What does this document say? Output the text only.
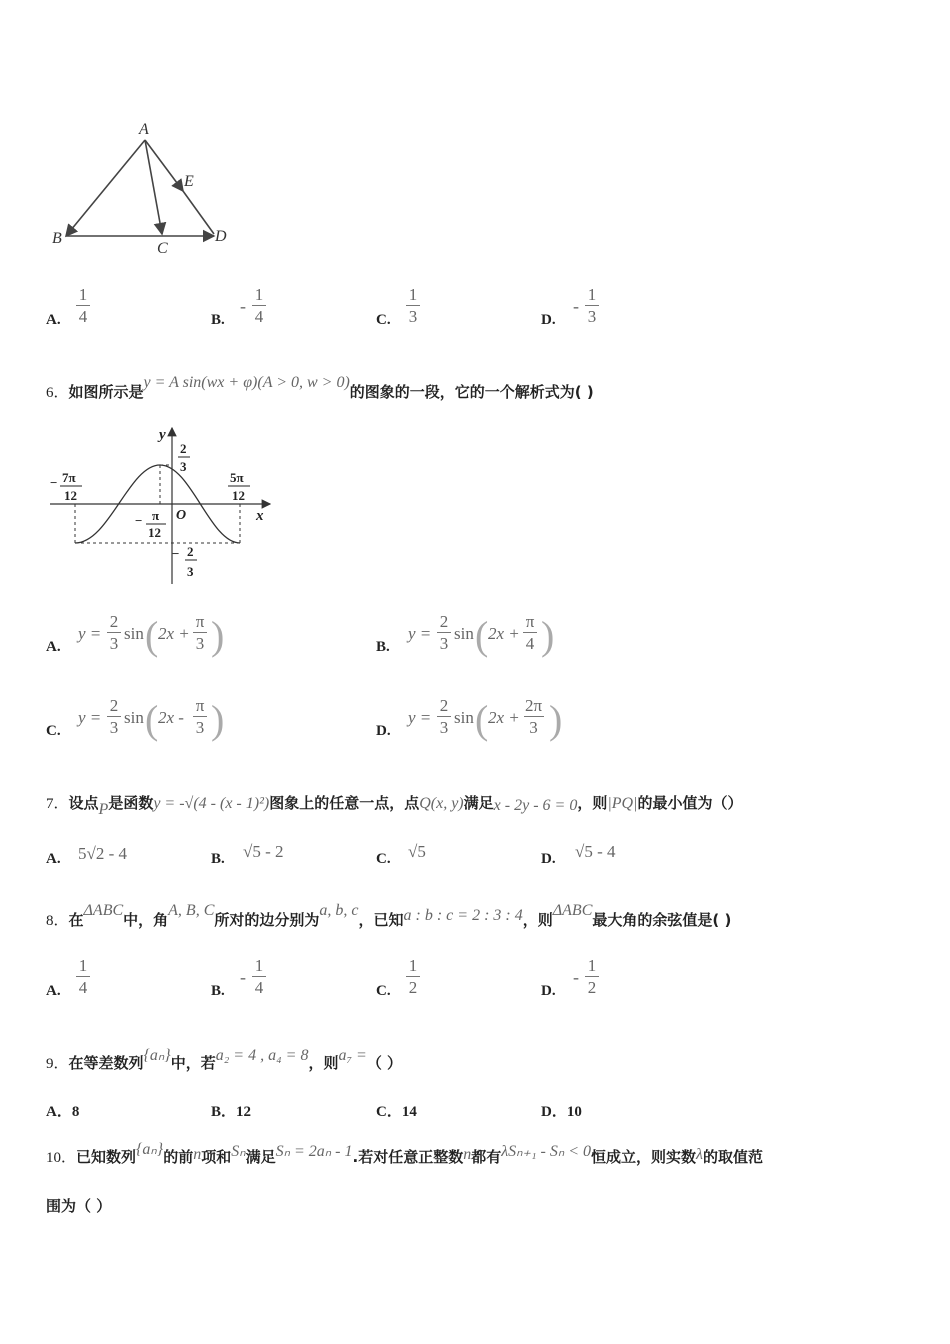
A
B
C
D
E
A.
1
4	B.
-
1
4	C.
1
3	D.
-
1
3
6．如图所示是y = A sin(wx + φ)(A > 0, w > 0)的图象的一段，它的一个解析式为( )
y
x
O
2
3
− 2
3
− 7π
12
− π
12
5π
12
A.
y =
2
3
sin ( 2x +
π
3 )	B.
y =
2
3
sin ( 2x +
π
4 )
C.
y =
2
3
sin ( 2x -
π
3 )	D.
y =
2
3
sin ( 2x +
2π
3 )
7．设点P是函数y = -√(4 - (x - 1)²)图象上的任意一点，点Q(x, y)满足x - 2y - 6 = 0，则|PQ|的最小值为（）
A. 5√2 - 4	B. √5 - 2	C. √5	D. √5 - 4
8．在ΔABC中，角A, B, C所对的边分别为a, b, c，已知a : b : c = 2 : 3 : 4，则ΔABC最大角的余弦值是( )
A.
1
4	B.
-
1
4	C.
1
2	D.
-
1
2
9．在等差数列{aₙ}中，若a₂ = 4 , a₄ = 8，则a₇ =（ ）
A．8	B．12	C．14	D．10
10．已知数列{aₙ}的前n项和Sₙ满足Sₙ = 2aₙ - 1.若对任意正整数n都有λSₙ₊₁ - Sₙ < 0恒成立，则实数λ的取值范
围为（ ）
